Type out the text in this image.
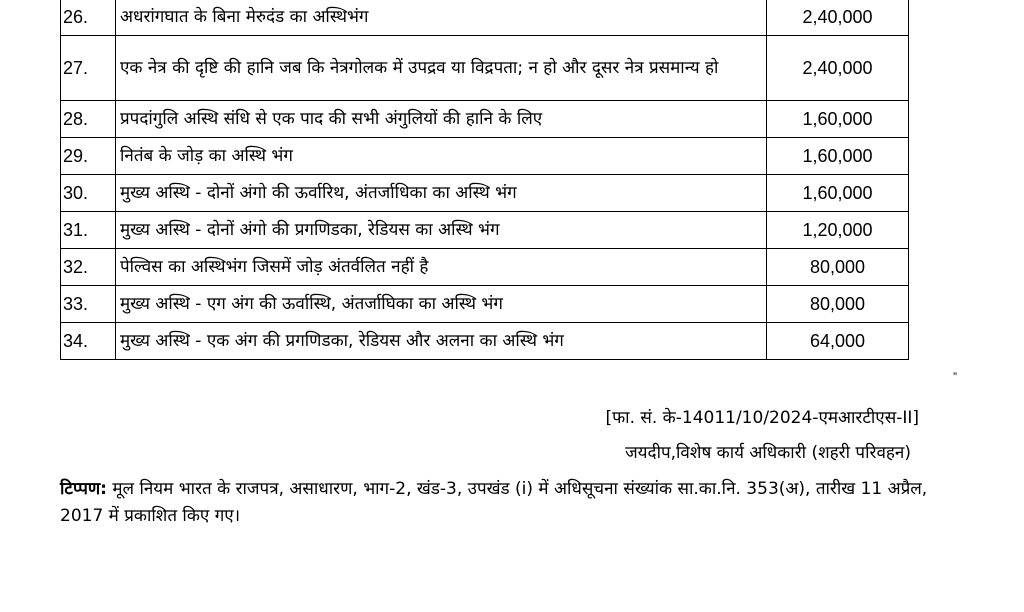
26.	अधरांगघात के बिना मेरुदंड का अस्थिभंग	2,40,000
27.	एक नेत्र की दृष्टि की हानि जब कि नेत्रगोलक में उपद्रव या विद्रपता; न हो और दूसर नेत्र प्रसमान्य हो	2,40,000
28.	प्रपदांगुलि अस्थि संधि से एक पाद की सभी अंगुलियों की हानि के लिए	1,60,000
29.	नितंब के जोड़ का अस्थि भंग	1,60,000
30.	मुख्य अस्थि - दोनों अंगो की ऊर्वारिथ, अंतर्जाधिका का अस्थि भंग	1,60,000
31.	मुख्य अस्थि - दोनों अंगो की प्रगणिडका, रेडियस का अस्थि भंग	1,20,000
32.	पेल्विस का अस्थिभंग जिसमें जोड़ अंतर्वलित नहीं है	80,000
33.	मुख्य अस्थि - एग अंग की ऊर्वास्थि, अंतर्जाघिका का अस्थि भंग	80,000
34.	मुख्य अस्थि - एक अंग की प्रगणिडका, रेडियस और अलना का अस्थि भंग	64,000
”
[फा. सं. के-14011/10/2024-एमआरटीएस-II]
जयदीप,विशेष कार्य अधिकारी (शहरी परिवहन)
टिप्पण: मूल नियम भारत के राजपत्र, असाधारण, भाग-2, खंड-3, उपखंड (i) में अधिसूचना संख्यांक सा.का.नि. 353(अ), तारीख 11 अप्रैल, 2017 में प्रकाशित किए गए।
